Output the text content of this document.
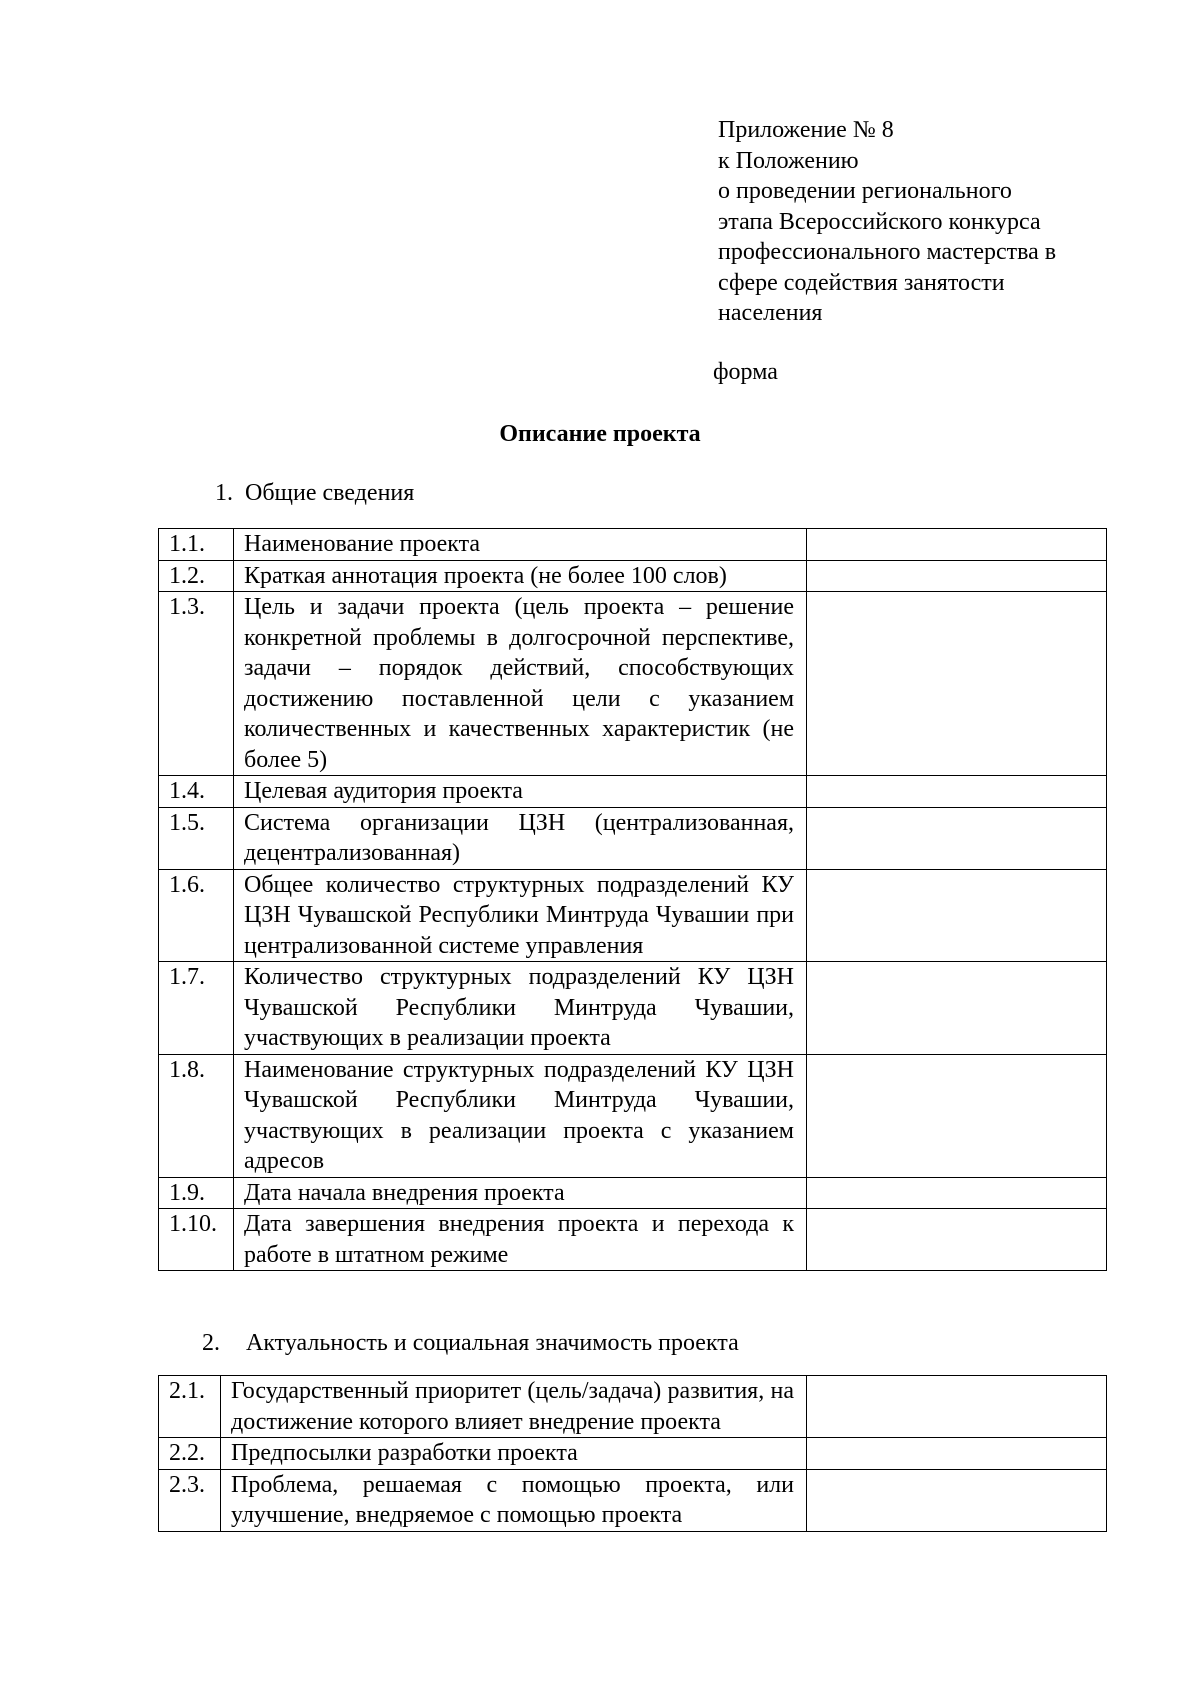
Приложение № 8
к Положению
о проведении регионального
этапа Всероссийского конкурса
профессионального мастерства в
сфере содействия занятости
населения
форма
Описание проекта
1. Общие сведения
1.1.	Наименование проекта	
1.2.	Краткая аннотация проекта (не более 100 слов)	
1.3.	Цель и задачи проекта (цель проекта – решение конкретной проблемы в долгосрочной перспективе, задачи – порядок действий, способствующих достижению поставленной цели с указанием количественных и качественных характеристик (не более 5)	
1.4.	Целевая аудитория проекта	
1.5.	Система организации ЦЗН (централизованная, децентрализованная)	
1.6.	Общее количество структурных подразделений КУ ЦЗН Чувашской Республики Минтруда Чувашии при централизованной системе управления	
1.7.	Количество структурных подразделений КУ ЦЗН Чувашской Республики Минтруда Чувашии, участвующих в реализации проекта	
1.8.	Наименование структурных подразделений КУ ЦЗН Чувашской Республики Минтруда Чувашии, участвующих в реализации проекта с указанием адресов	
1.9.	Дата начала внедрения проекта	
1.10.	Дата завершения внедрения проекта и перехода к работе в штатном режиме	
2. Актуальность и социальная значимость проекта
2.1.	Государственный приоритет (цель/задача) развития, на достижение которого влияет внедрение проекта	
2.2.	Предпосылки разработки проекта	
2.3.	Проблема, решаемая с помощью проекта, или улучшение, внедряемое с помощью проекта	
